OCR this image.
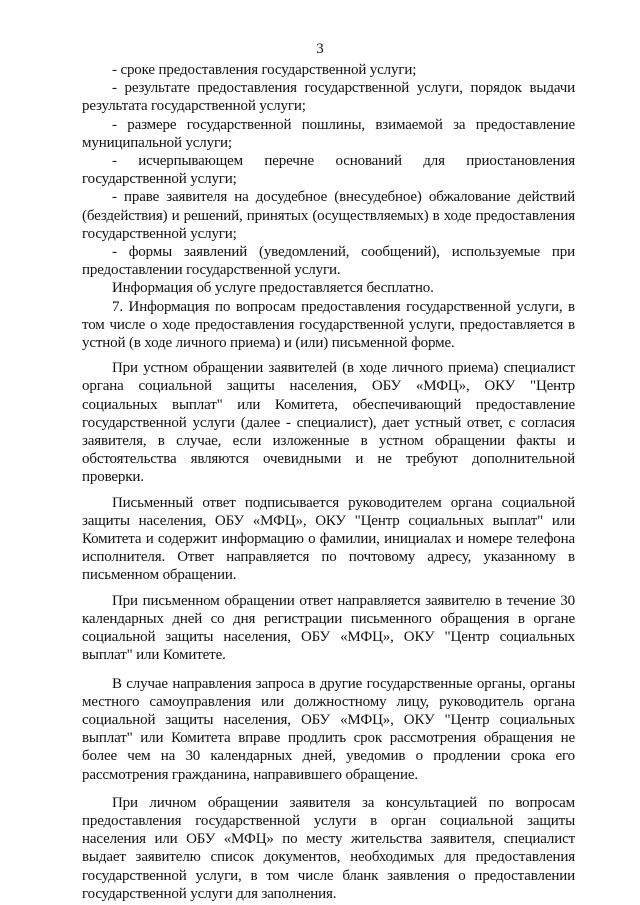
3

- сроке предоставления государственной услуги;

- результате предоставления государственной услуги, порядок выдачи результата государственной услуги;

- размере государственной пошлины, взимаемой за предоставление муниципальной услуги;

- исчерпывающем перечне оснований для приостановления государственной услуги;

- праве заявителя на досудебное (внесудебное) обжалование действий (бездействия) и решений, принятых (осуществляемых) в ходе предоставления государственной услуги;

- формы заявлений (уведомлений, сообщений), используемые при предоставлении государственной услуги.

Информация об услуге предоставляется бесплатно.

7. Информация по вопросам предоставления государственной услуги, в том числе о ходе предоставления государственной услуги, предоставляется в устной (в ходе личного приема) и (или) письменной форме.

При устном обращении заявителей (в ходе личного приема) специалист органа социальной защиты населения, ОБУ «МФЦ», ОКУ "Центр социальных выплат" или Комитета, обеспечивающий предоставление государственной услуги (далее - специалист), дает устный ответ, с согласия заявителя, в случае, если изложенные в устном обращении факты и обстоятельства являются очевидными и не требуют дополнительной проверки.

Письменный ответ подписывается руководителем органа социальной защиты населения, ОБУ «МФЦ», ОКУ "Центр социальных выплат" или Комитета и содержит информацию о фамилии, инициалах и номере телефона исполнителя. Ответ направляется по почтовому адресу, указанному в письменном обращении.

При письменном обращении ответ направляется заявителю в течение 30 календарных дней со дня регистрации письменного обращения в органе социальной защиты населения, ОБУ «МФЦ», ОКУ "Центр социальных выплат" или Комитете.

В случае направления запроса в другие государственные органы, органы местного самоуправления или должностному лицу, руководитель органа социальной защиты населения, ОБУ «МФЦ», ОКУ "Центр социальных выплат" или Комитета вправе продлить срок рассмотрения обращения не более чем на 30 календарных дней, уведомив о продлении срока его рассмотрения гражданина, направившего обращение.

При личном обращении заявителя за консультацией по вопросам предоставления государственной услуги в орган социальной защиты населения или ОБУ «МФЦ» по месту жительства заявителя, специалист выдает заявителю список документов, необходимых для предоставления государственной услуги, в том числе бланк заявления о предоставлении государственной услуги для заполнения.
